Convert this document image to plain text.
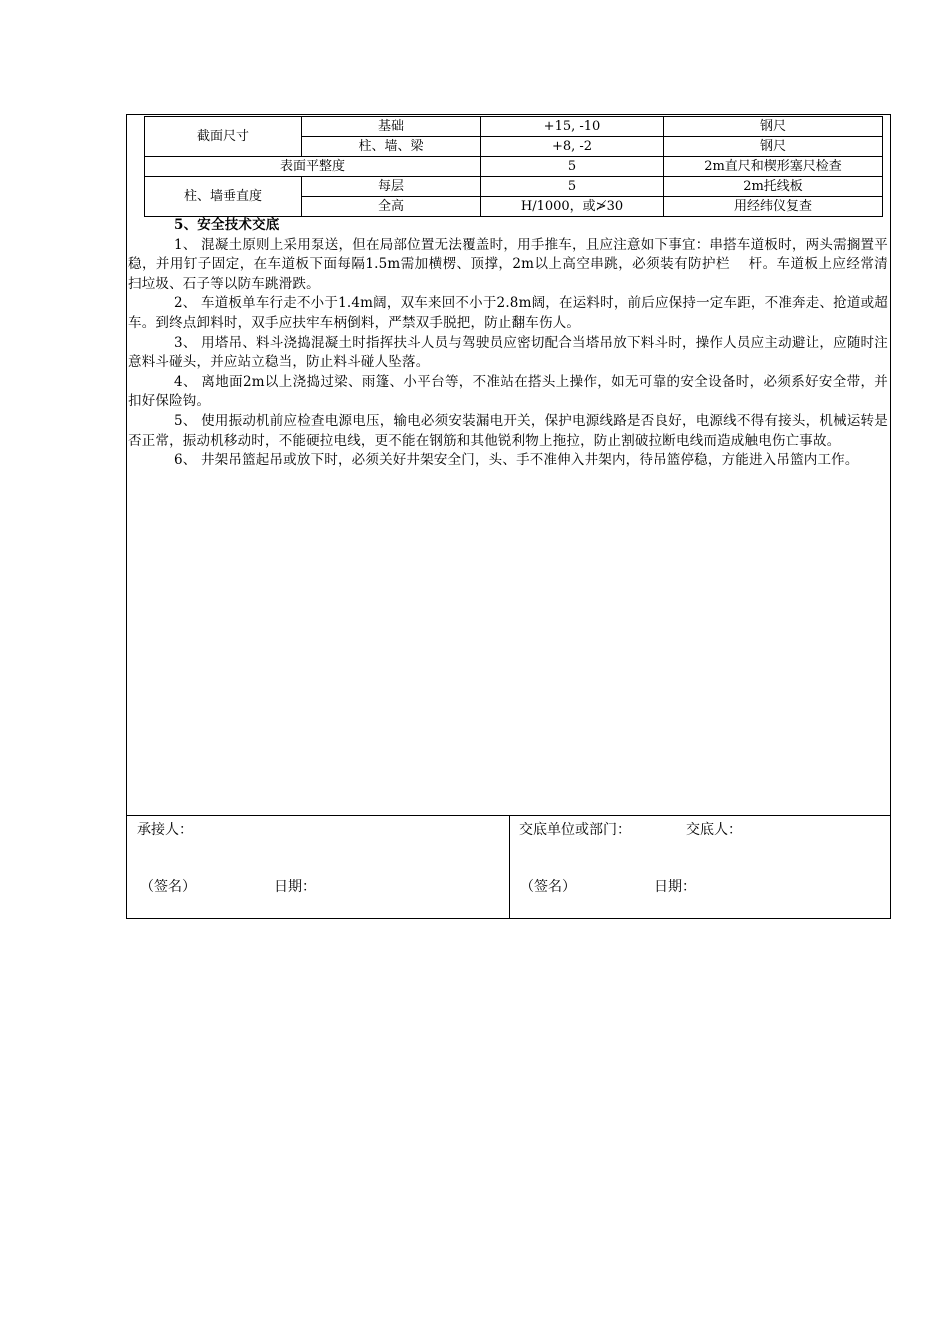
截面尺寸	基础	+15, -10	钢尺
	柱、墙、梁	+8, -2	钢尺
表面平整度		5	2m直尺和楔形塞尺检查
柱、墙垂直度	每层	5	2m托线板
	全高	H/1000，或≯30	用经纬仪复查
5、安全技术交底

1、 混凝土原则上采用泵送，但在局部位置无法覆盖时，用手推车，且应注意如下事宜：串搭车道板时，两头需搁置平稳，并用钉子固定，在车道板下面每隔1.5m需加横楞、顶撑，2m以上高空串跳，必须装有防护栏　 杆。车道板上应经常清扫垃圾、石子等以防车跳滑跌。

2、 车道板单车行走不小于1.4m阔，双车来回不小于2.8m阔，在运料时，前后应保持一定车距，不准奔走、抢道或超车。到终点卸料时，双手应扶牢车柄倒料，严禁双手脱把，防止翻车伤人。

3、 用塔吊、料斗浇捣混凝土时指挥扶斗人员与驾驶员应密切配合当塔吊放下料斗时，操作人员应主动避让，应随时注意料斗碰头，并应站立稳当，防止料斗碰人坠落。

4、 离地面2m以上浇捣过梁、雨篷、小平台等，不准站在搭头上操作，如无可靠的安全设备时，必须系好安全带，并扣好保险钩。

5、 使用振动机前应检查电源电压，输电必须安装漏电开关，保护电源线路是否良好，电源线不得有接头，机械运转是否正常，振动机移动时，不能硬拉电线，更不能在钢筋和其他锐利物上拖拉，防止割破拉断电线而造成触电伤亡事故。

6、 井架吊篮起吊或放下时，必须关好井架安全门，头、手不准伸入井架内，待吊篮停稳，方能进入吊篮内工作。

承接人：
（签名）	日期：
交底单位或部门：	交底人：
（签名）	日期：
